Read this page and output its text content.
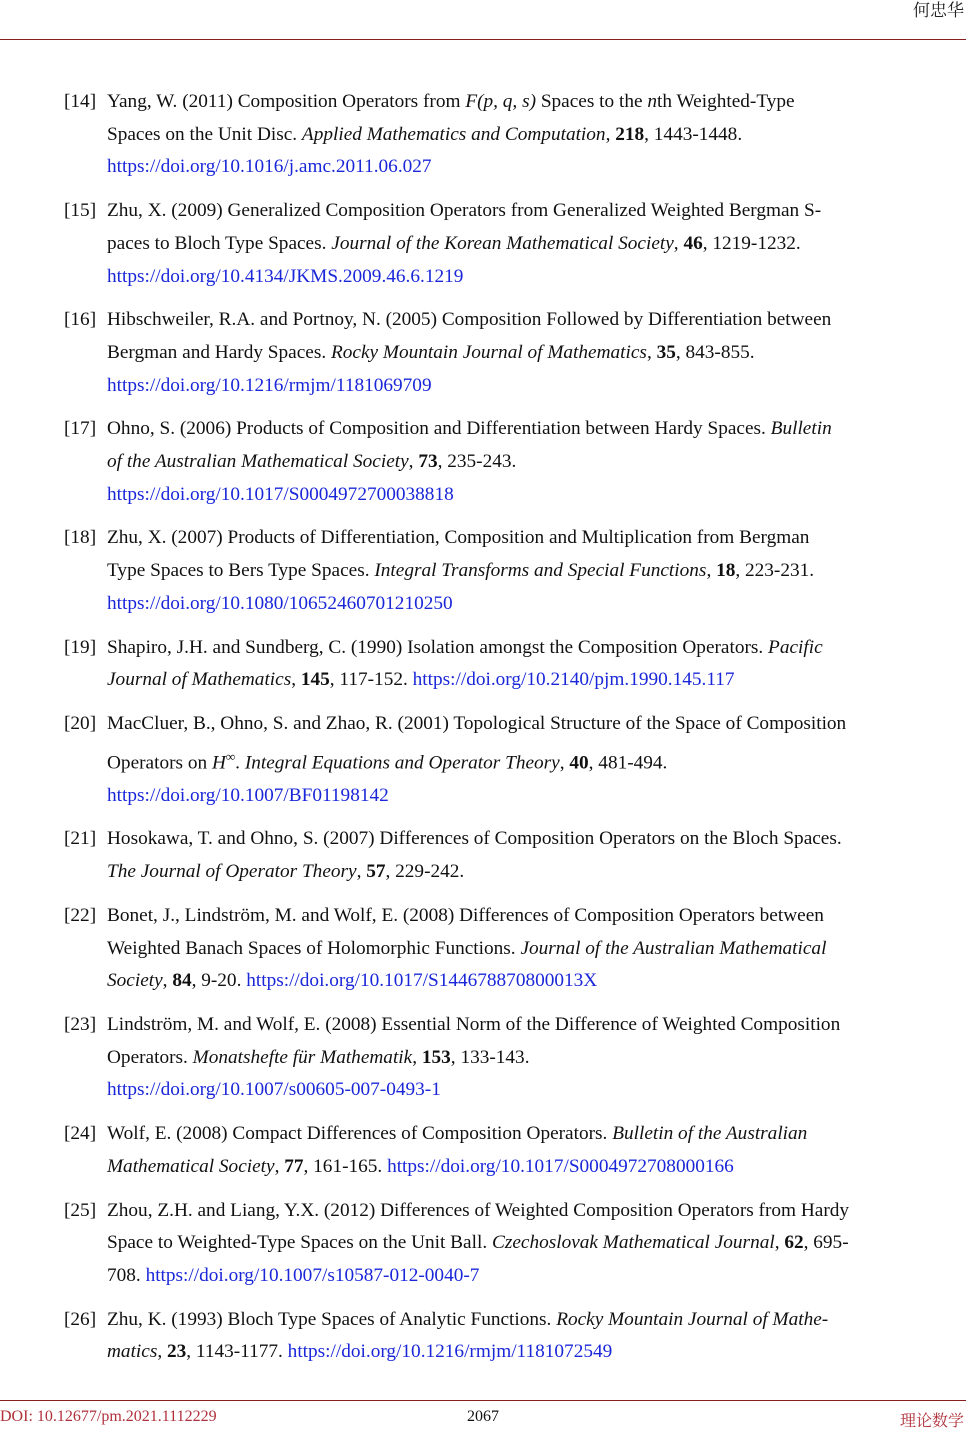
何忠华
[14] Yang, W. (2011) Composition Operators from F(p, q, s) Spaces to the nth Weighted-Type
Spaces on the Unit Disc. Applied Mathematics and Computation, 218, 1443-1448.
https://doi.org/10.1016/j.amc.2011.06.027
[15] Zhu, X. (2009) Generalized Composition Operators from Generalized Weighted Bergman S-
paces to Bloch Type Spaces. Journal of the Korean Mathematical Society, 46, 1219-1232.
https://doi.org/10.4134/JKMS.2009.46.6.1219
[16] Hibschweiler, R.A. and Portnoy, N. (2005) Composition Followed by Differentiation between
Bergman and Hardy Spaces. Rocky Mountain Journal of Mathematics, 35, 843-855.
https://doi.org/10.1216/rmjm/1181069709
[17] Ohno, S. (2006) Products of Composition and Differentiation between Hardy Spaces. Bulletin
of the Australian Mathematical Society, 73, 235-243.
https://doi.org/10.1017/S0004972700038818
[18] Zhu, X. (2007) Products of Differentiation, Composition and Multiplication from Bergman
Type Spaces to Bers Type Spaces. Integral Transforms and Special Functions, 18, 223-231.
https://doi.org/10.1080/10652460701210250
[19] Shapiro, J.H. and Sundberg, C. (1990) Isolation amongst the Composition Operators. Pacific
Journal of Mathematics, 145, 117-152. https://doi.org/10.2140/pjm.1990.145.117
[20] MacCluer, B., Ohno, S. and Zhao, R. (2001) Topological Structure of the Space of Composition
Operators on H∞. Integral Equations and Operator Theory, 40, 481-494.
https://doi.org/10.1007/BF01198142
[21] Hosokawa, T. and Ohno, S. (2007) Differences of Composition Operators on the Bloch Spaces.
The Journal of Operator Theory, 57, 229-242.
[22] Bonet, J., Lindström, M. and Wolf, E. (2008) Differences of Composition Operators between
Weighted Banach Spaces of Holomorphic Functions. Journal of the Australian Mathematical
Society, 84, 9-20. https://doi.org/10.1017/S144678870800013X
[23] Lindström, M. and Wolf, E. (2008) Essential Norm of the Difference of Weighted Composition
Operators. Monatshefte für Mathematik, 153, 133-143.
https://doi.org/10.1007/s00605-007-0493-1
[24] Wolf, E. (2008) Compact Differences of Composition Operators. Bulletin of the Australian
Mathematical Society, 77, 161-165. https://doi.org/10.1017/S0004972708000166
[25] Zhou, Z.H. and Liang, Y.X. (2012) Differences of Weighted Composition Operators from Hardy
Space to Weighted-Type Spaces on the Unit Ball. Czechoslovak Mathematical Journal, 62, 695-
708. https://doi.org/10.1007/s10587-012-0040-7
[26] Zhu, K. (1993) Bloch Type Spaces of Analytic Functions. Rocky Mountain Journal of Mathe-
matics, 23, 1143-1177. https://doi.org/10.1216/rmjm/1181072549
DOI: 10.12677/pm.2021.1112229	2067	理论数学
